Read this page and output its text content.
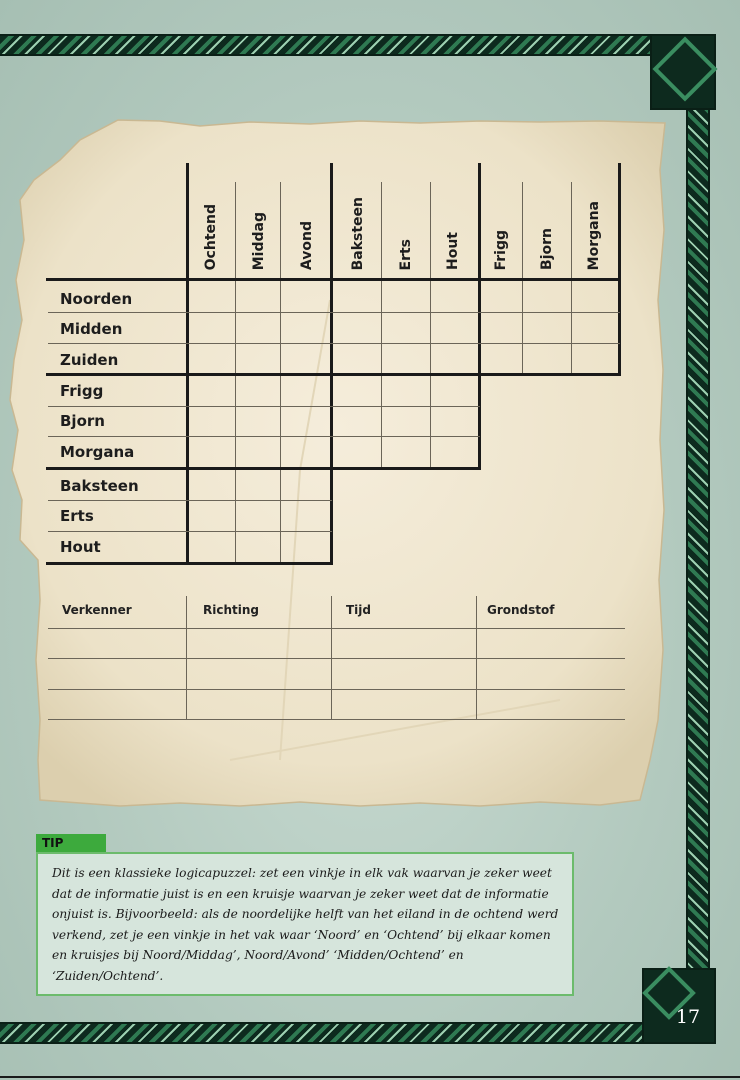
17
Ochtend Middag Avond	Baksteen Erts Hout Frigg Bjorn Morgana
Noorden
Midden
Zuiden
Frigg
Bjorn
Morgana
Baksteen
Erts
Hout
Verkenner	Richting	Tijd	Grondstof
TIP
Dit is een klassieke logicapuzzel: zet een vinkje in elk vak waarvan je zeker weet dat de informatie juist is en een kruisje waarvan je zeker weet dat de informatie onjuist is. Bijvoorbeeld: als de noordelijke helft van het eiland in de ochtend werd verkend, zet je een vinkje in het vak waar ‘Noord’ en ‘Ochtend’ bij elkaar komen en kruisjes bij Noord/Middag’, Noord/Avond’ ‘Midden/Ochtend’ en ‘Zuiden/Ochtend’.
